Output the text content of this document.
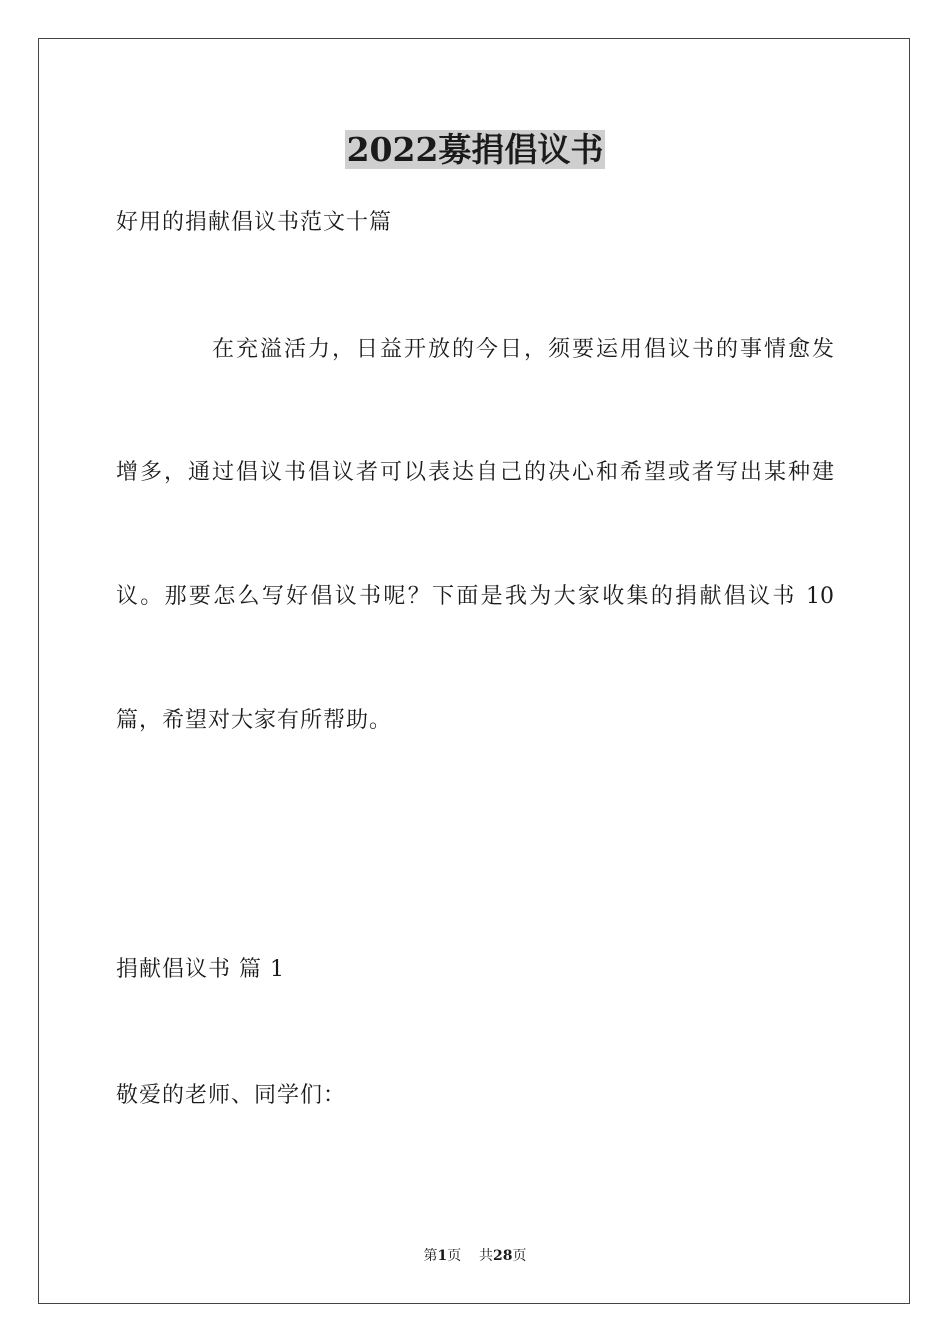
2022募捐倡议书
好用的捐献倡议书范文十篇
在充溢活力，日益开放的今日，须要运用倡议书的事情愈发
增多，通过倡议书倡议者可以表达自己的决心和希望或者写出某种建
议。那要怎么写好倡议书呢？下面是我为大家收集的捐献倡议书 10
篇，希望对大家有所帮助。
捐献倡议书 篇 1
敬爱的老师、同学们：
第1页    共28页
